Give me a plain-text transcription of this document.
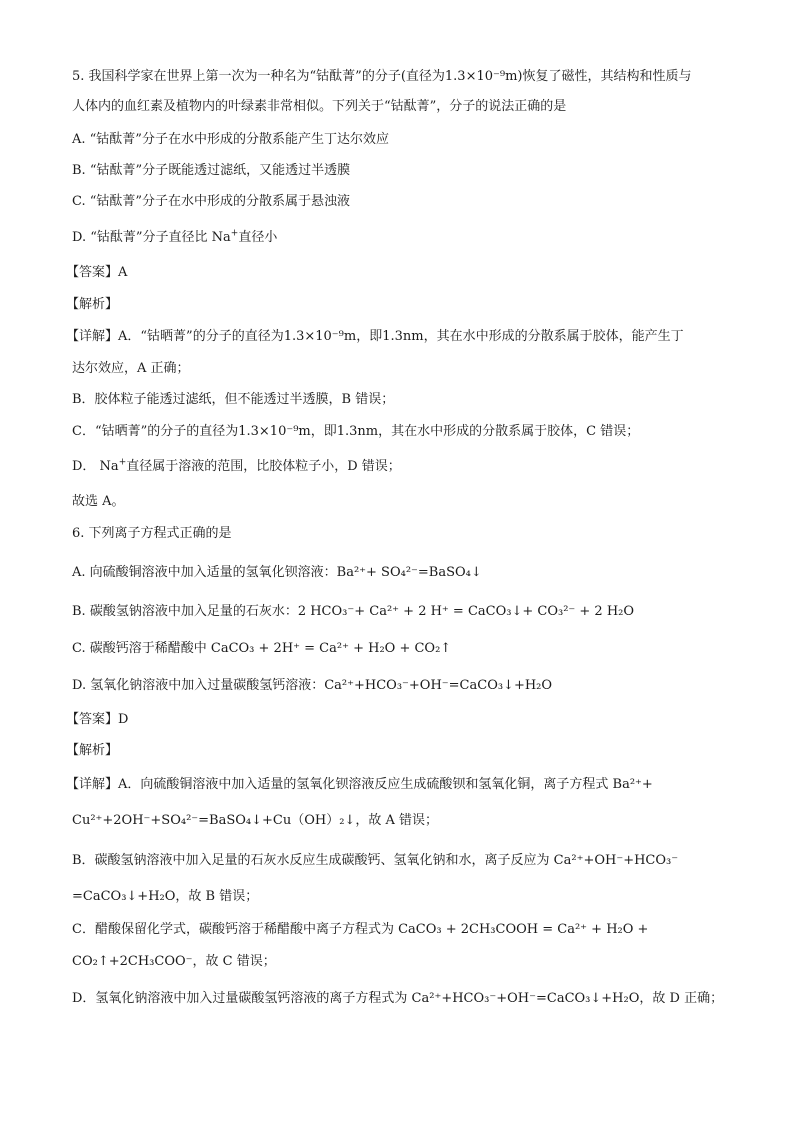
5. 我国科学家在世界上第一次为一种名为“钴酞菁”的分子(直径为1.3×10⁻⁹m)恢复了磁性，其结构和性质与
人体内的血红素及植物内的叶绿素非常相似。下列关于“钴酞菁”，分子的说法正确的是
A. “钴酞菁”分子在水中形成的分散系能产生丁达尔效应
B. “钴酞菁”分子既能透过滤纸，又能透过半透膜
C. “钴酞菁”分子在水中形成的分散系属于悬浊液
D. “钴酞菁”分子直径比 Na+直径小
【答案】A
【解析】
【详解】A．“钴晒菁”的分子的直径为1.3×10⁻⁹m，即1.3nm，其在水中形成的分散系属于胶体，能产生丁
达尔效应，A 正确；
B．胶体粒子能透过滤纸，但不能透过半透膜，B 错误；
C．“钴晒菁”的分子的直径为1.3×10⁻⁹m，即1.3nm，其在水中形成的分散系属于胶体，C 错误；
D． Na+直径属于溶液的范围，比胶体粒子小，D 错误；
故选 A。
6. 下列离子方程式正确的是
A. 向硫酸铜溶液中加入适量的氢氧化钡溶液：Ba²⁺+ SO₄²⁻=BaSO₄↓
B. 碳酸氢钠溶液中加入足量的石灰水：2 HCO₃⁻+ Ca²⁺ + 2 H⁺ = CaCO₃↓+ CO₃²⁻ + 2 H₂O
C. 碳酸钙溶于稀醋酸中 CaCO₃ + 2H⁺ = Ca²⁺ + H₂O + CO₂↑
D. 氢氧化钠溶液中加入过量碳酸氢钙溶液：Ca²⁺+HCO₃⁻+OH⁻=CaCO₃↓+H₂O
【答案】D
【解析】
【详解】A．向硫酸铜溶液中加入适量的氢氧化钡溶液反应生成硫酸钡和氢氧化铜，离子方程式 Ba²⁺+
Cu²⁺+2OH⁻+SO₄²⁻=BaSO₄↓+Cu（OH）₂↓，故 A 错误；
B．碳酸氢钠溶液中加入足量的石灰水反应生成碳酸钙、氢氧化钠和水，离子反应为 Ca²⁺+OH⁻+HCO₃⁻
=CaCO₃↓+H₂O，故 B 错误；
C．醋酸保留化学式，碳酸钙溶于稀醋酸中离子方程式为 CaCO₃ + 2CH₃COOH = Ca²⁺ + H₂O +
CO₂↑+2CH₃COO⁻，故 C 错误；
D．氢氧化钠溶液中加入过量碳酸氢钙溶液的离子方程式为 Ca²⁺+HCO₃⁻+OH⁻=CaCO₃↓+H₂O，故 D 正确；
